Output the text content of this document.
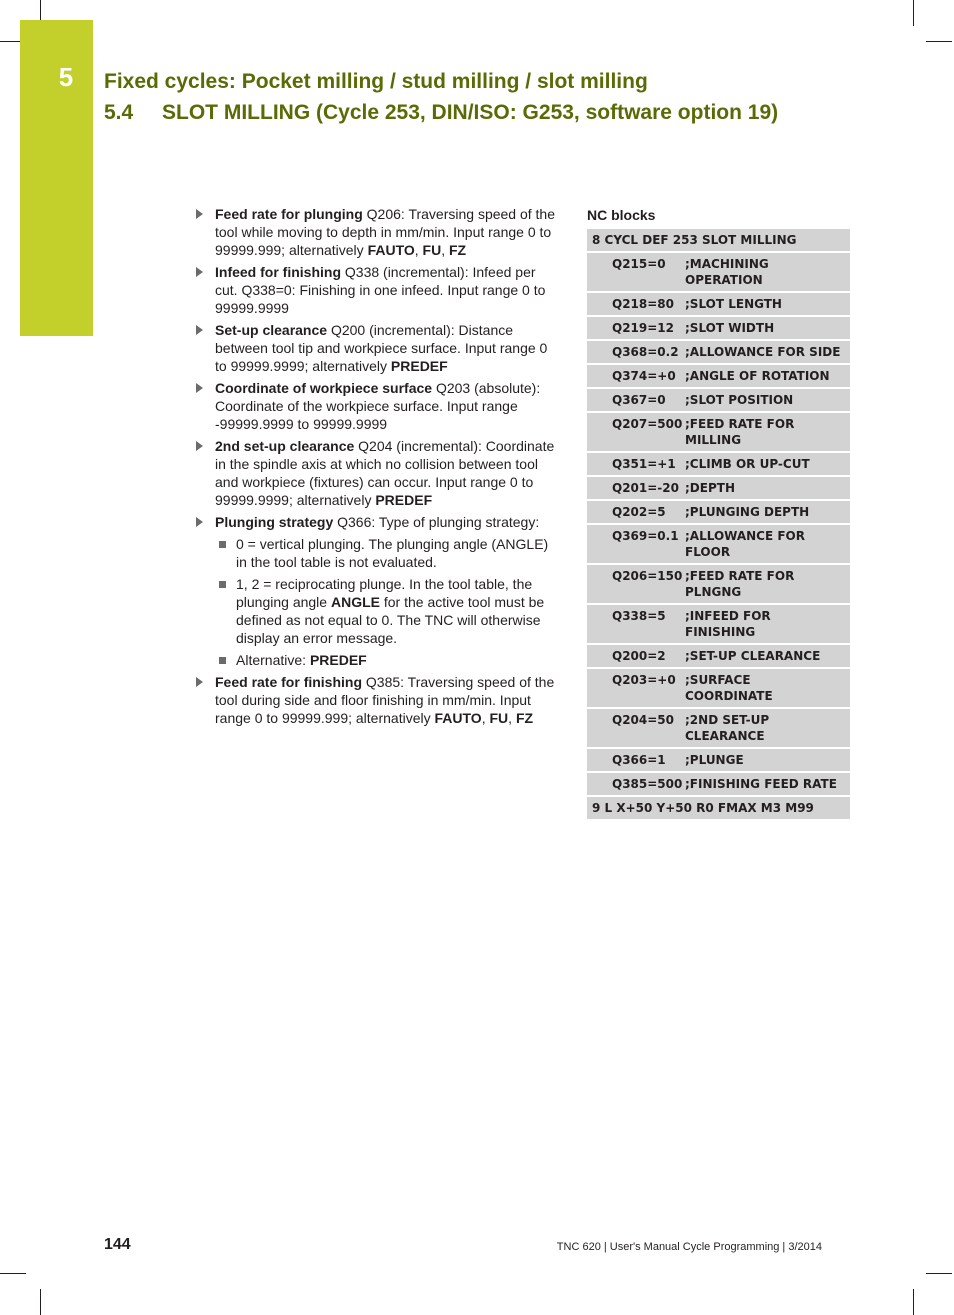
5	Fixed cycles: Pocket milling / stud milling / slot milling
5.4 SLOT MILLING (Cycle 253, DIN/ISO: G253, software option 19)
Feed rate for plunging Q206: Traversing speed of the tool while moving to depth in mm/min. Input range 0 to 99999.999; alternatively FAUTO, FU, FZ
Infeed for finishing Q338 (incremental): Infeed per cut. Q338=0: Finishing in one infeed. Input range 0 to 99999.9999
Set-up clearance Q200 (incremental): Distance between tool tip and workpiece surface. Input range 0 to 99999.9999; alternatively PREDEF
Coordinate of workpiece surface Q203 (absolute): Coordinate of the workpiece surface. Input range -99999.9999 to 99999.9999
2nd set-up clearance Q204 (incremental): Coordinate in the spindle axis at which no collision between tool and workpiece (fixtures) can occur. Input range 0 to 99999.9999; alternatively PREDEF
Plunging strategy Q366: Type of plunging strategy:
0 = vertical plunging. The plunging angle (ANGLE) in the tool table is not evaluated.
1, 2 = reciprocating plunge. In the tool table, the plunging angle ANGLE for the active tool must be defined as not equal to 0. The TNC will otherwise display an error message.
Alternative: PREDEF
Feed rate for finishing Q385: Traversing speed of the tool during side and floor finishing in mm/min. Input range 0 to 99999.999; alternatively FAUTO, FU, FZ
NC blocks
8 CYCL DEF 253 SLOT MILLING	
Q215=0	;MACHINING OPERATION
Q218=80	;SLOT LENGTH
Q219=12	;SLOT WIDTH
Q368=0.2	;ALLOWANCE FOR SIDE
Q374=+0	;ANGLE OF ROTATION
Q367=0	;SLOT POSITION
Q207=500	;FEED RATE FOR MILLING
Q351=+1	;CLIMB OR UP-CUT
Q201=-20	;DEPTH
Q202=5	;PLUNGING DEPTH
Q369=0.1	;ALLOWANCE FOR FLOOR
Q206=150	;FEED RATE FOR PLNGNG
Q338=5	;INFEED FOR FINISHING
Q200=2	;SET-UP CLEARANCE
Q203=+0	;SURFACE COORDINATE
Q204=50	;2ND SET-UP CLEARANCE
Q366=1	;PLUNGE
Q385=500	;FINISHING FEED RATE
9 L X+50 Y+50 R0 FMAX M3 M99	
144	TNC 620 | User's Manual Cycle Programming | 3/2014
